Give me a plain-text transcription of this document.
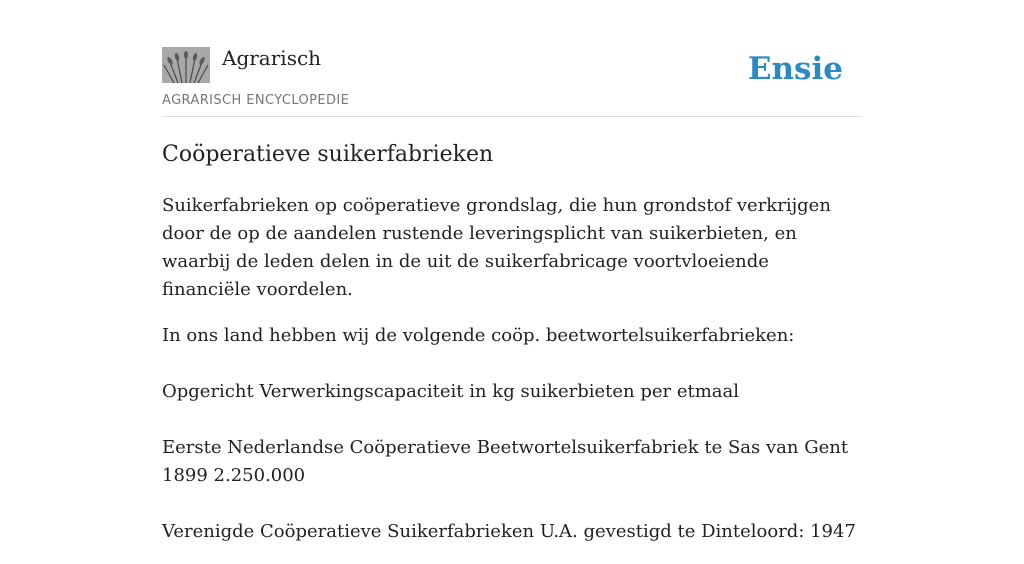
Agrarisch
AGRARISCH ENCYCLOPEDIE
Ensie
Coöperatieve suikerfabrieken

Suikerfabrieken op coöperatieve grondslag, die hun grondstof verkrijgen door de op de aandelen rustende leveringsplicht van suikerbieten, en waarbij de leden delen in de uit de suikerfabricage voortvloeiende financiële voordelen.

In ons land hebben wij de volgende coöp. beetwortelsuikerfabrieken:

Opgericht Verwerkingscapaciteit in kg suikerbieten per etmaal

Eerste Nederlandse Coöperatieve Beetwortelsuikerfabriek te Sas van Gent 1899 2.250.000

Verenigde Coöperatieve Suikerfabrieken U.A. gevestigd te Dinteloord: 1947
